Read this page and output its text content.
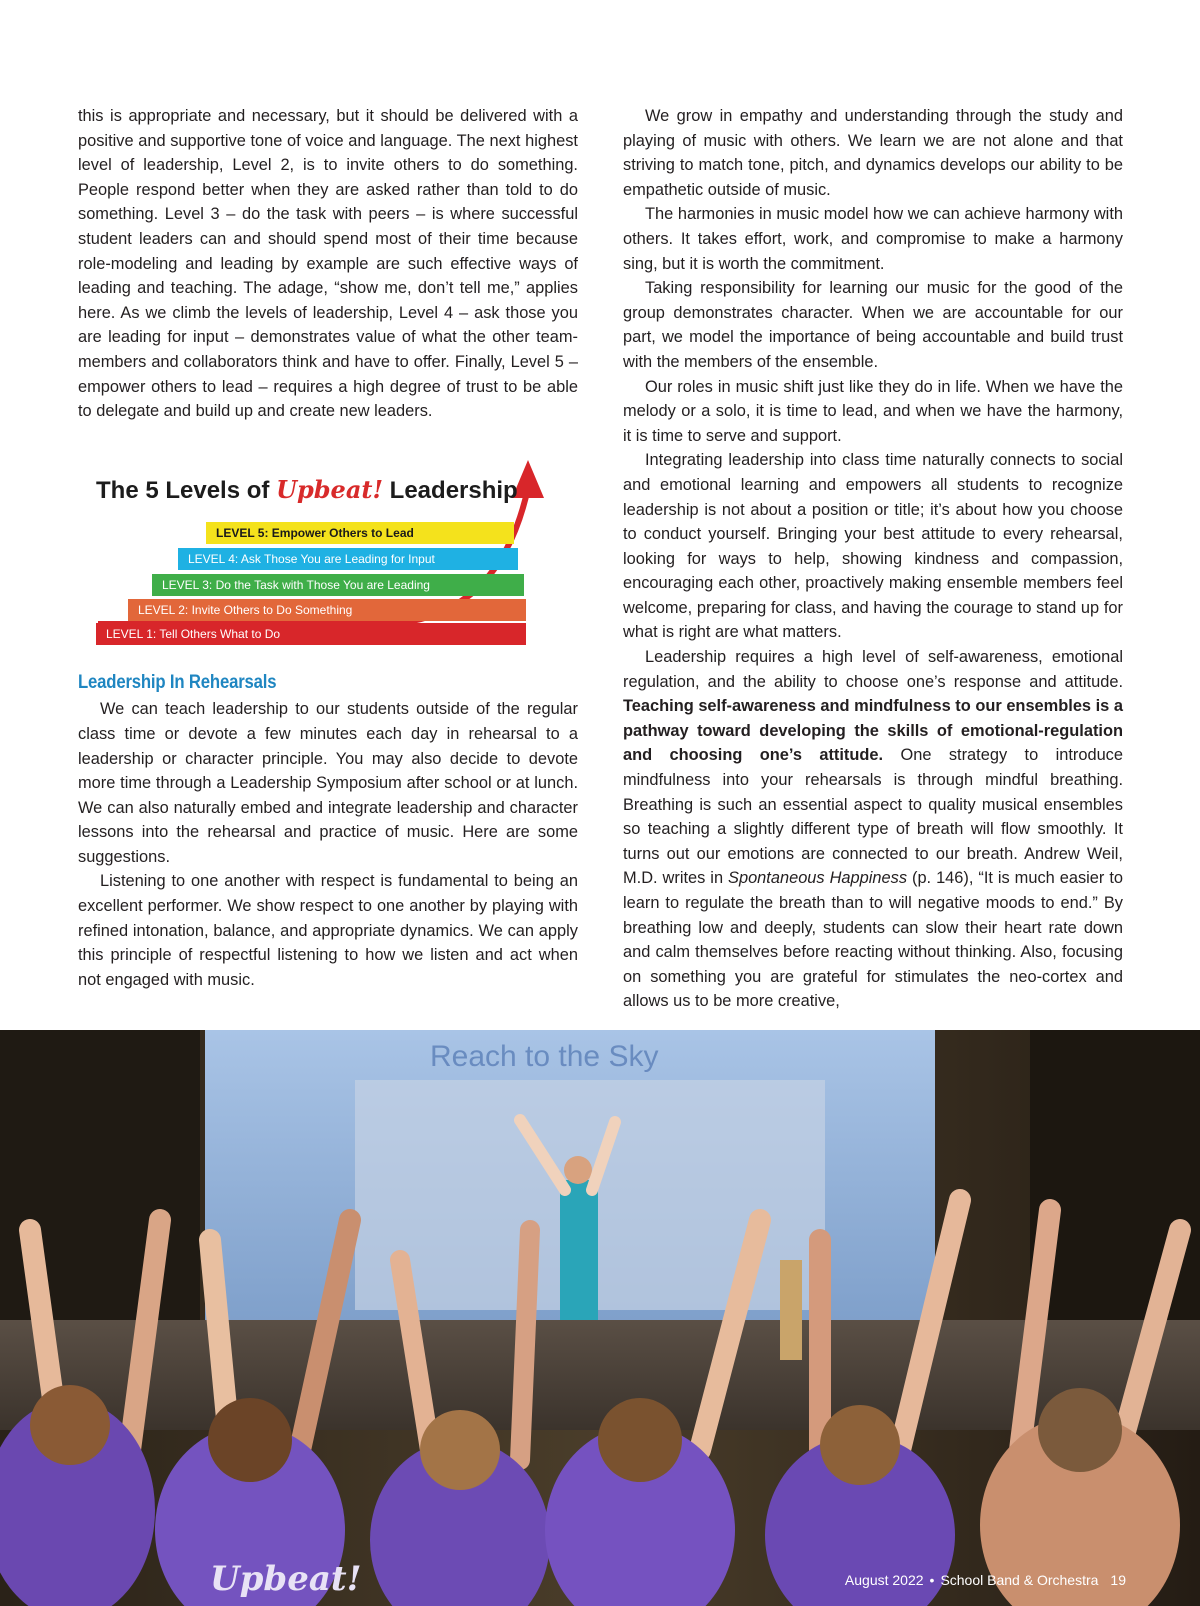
this is appropriate and necessary, but it should be delivered with a positive and supportive tone of voice and language. The next highest level of leadership, Level 2, is to invite others to do something. People respond better when they are asked rather than told to do something. Level 3 – do the task with peers – is where successful student leaders can and should spend most of their time because role-modeling and leading by example are such effective ways of leading and teaching. The adage, “show me, don’t tell me,” applies here. As we climb the levels of leadership, Level 4 – ask those you are leading for input – demonstrates value of what the other team-members and collaborators think and have to offer. Finally, Level 5 – empower others to lead – requires a high degree of trust to be able to delegate and build up and create new leaders.

The 5 Levels of Upbeat! Leadership
LEVEL 5: Empower Others to Lead
LEVEL 4: Ask Those You are Leading for Input
LEVEL 3: Do the Task with Those You are Leading
LEVEL 2: Invite Others to Do Something
LEVEL 1: Tell Others What to Do

Leadership In Rehearsals

We can teach leadership to our students outside of the regular class time or devote a few minutes each day in rehearsal to a leadership or character principle. You may also decide to devote more time through a Leadership Symposium after school or at lunch. We can also naturally embed and integrate leadership and character lessons into the rehearsal and practice of music. Here are some suggestions.

Listening to one another with respect is fundamental to being an excellent performer. We show respect to one another by playing with refined intonation, balance, and appropriate dynamics. We can apply this principle of respectful listening to how we listen and act when not engaged with music.

We grow in empathy and understanding through the study and playing of music with others. We learn we are not alone and that striving to match tone, pitch, and dynamics develops our ability to be empathetic outside of music.

The harmonies in music model how we can achieve harmony with others. It takes effort, work, and compromise to make a harmony sing, but it is worth the commitment.

Taking responsibility for learning our music for the good of the group demonstrates character. When we are accountable for our part, we model the importance of being accountable and build trust with the members of the ensemble.

Our roles in music shift just like they do in life. When we have the melody or a solo, it is time to lead, and when we have the harmony, it is time to serve and support.

Integrating leadership into class time naturally connects to social and emotional learning and empowers all students to recognize leadership is not about a position or title; it’s about how you choose to conduct yourself. Bringing your best attitude to every rehearsal, looking for ways to help, showing kindness and compassion, encouraging each other, proactively making ensemble members feel welcome, preparing for class, and having the courage to stand up for what is right are what matters.

Leadership requires a high level of self-awareness, emotional regulation, and the ability to choose one’s response and attitude. Teaching self-awareness and mindfulness to our ensembles is a pathway toward developing the skills of emotional-regulation and choosing one’s attitude. One strategy to introduce mindfulness into your rehearsals is through mindful breathing. Breathing is such an essential aspect to quality musical ensembles so teaching a slightly different type of breath will flow smoothly. It turns out our emotions are connected to our breath. Andrew Weil, M.D. writes in Spontaneous Happiness (p. 146), “It is much easier to learn to regulate the breath than to will negative moods to end.” By breathing low and deeply, students can slow their heart rate down and calm themselves before reacting without thinking. Also, focusing on something you are grateful for stimulates the neo-cortex and allows us to be more creative,

Reach to the Sky
Upbeat!	August 2022 • School Band & Orchestra 19
